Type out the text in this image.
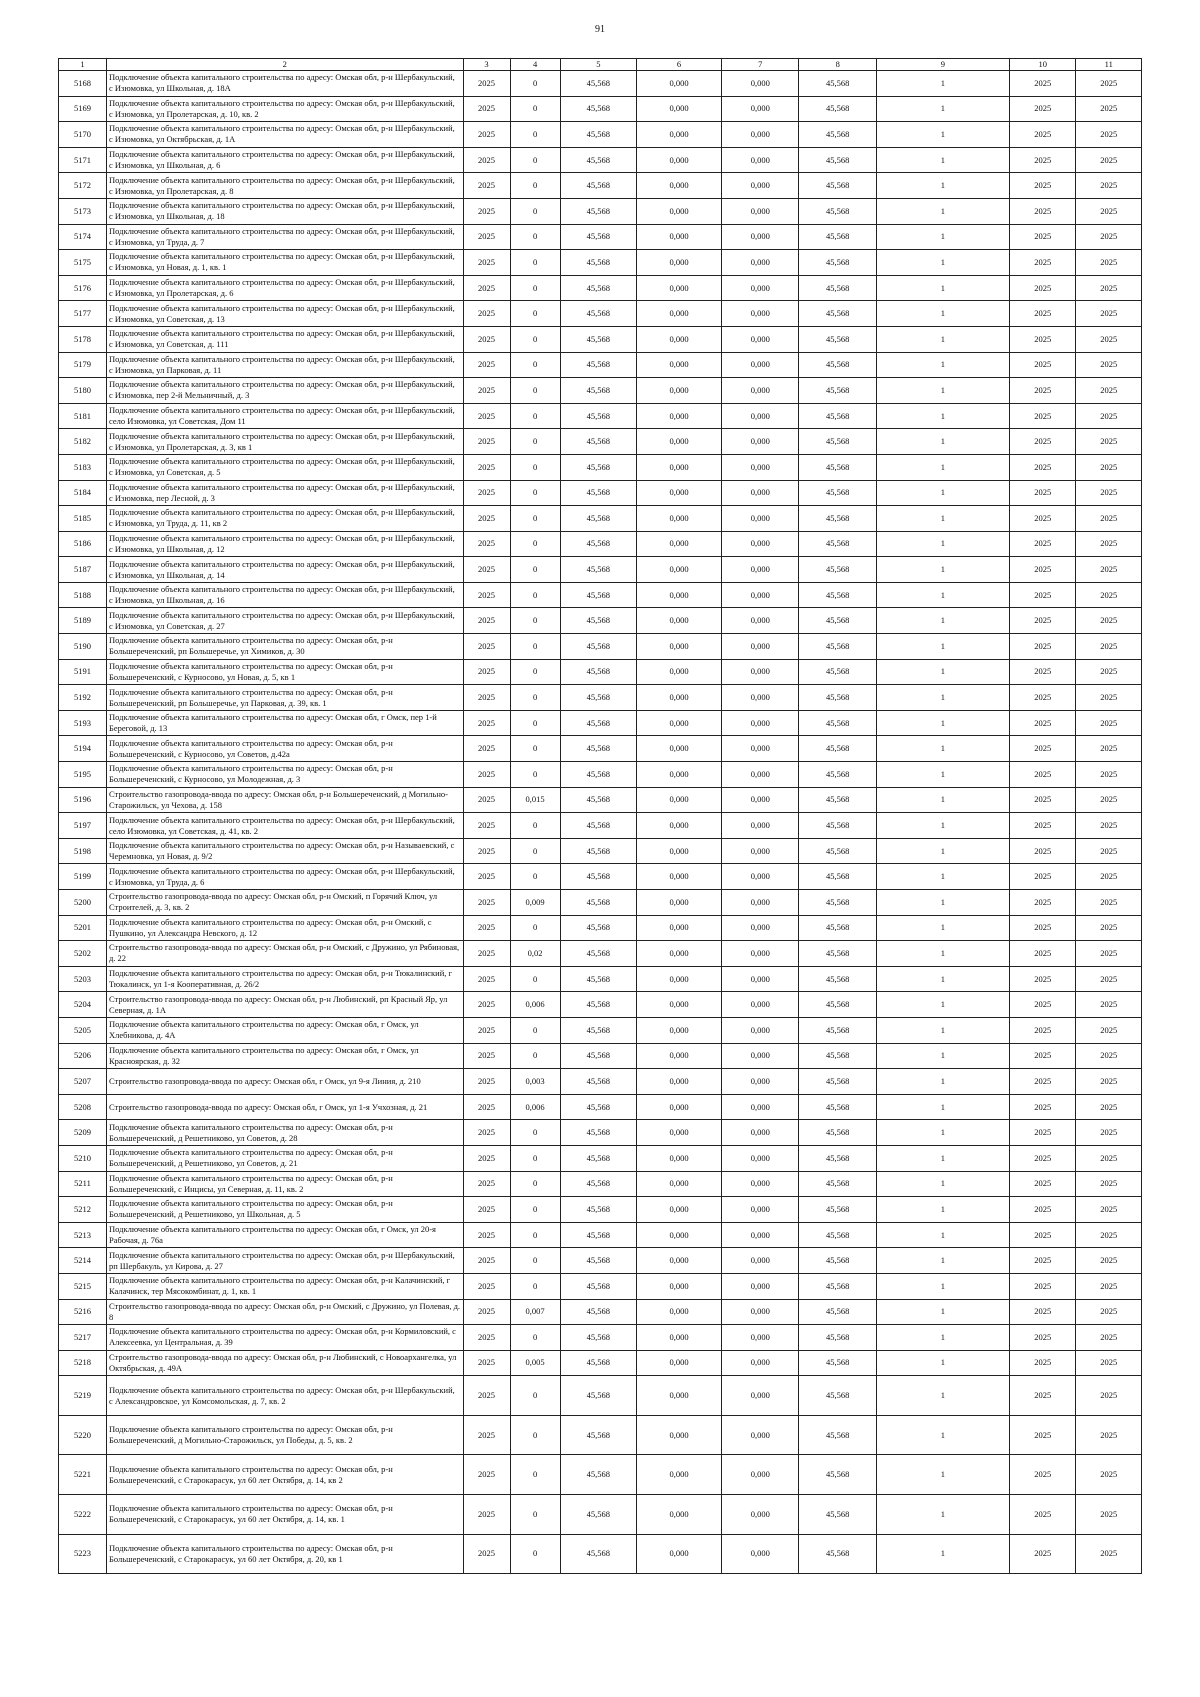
91
1	2	3	4	5	6	7	8	9	10	11
5168	Подключение объекта капитального строительства по адресу: Омская обл, р-н Шербакульский, с Изюмовка, ул Школьная, д. 18А	2025	0	45,568	0,000	0,000	45,568	1	2025	2025
5169	Подключение объекта капитального строительства по адресу: Омская обл, р-н Шербакульский, с Изюмовка, ул Пролетарская, д. 10, кв. 2	2025	0	45,568	0,000	0,000	45,568	1	2025	2025
5170	Подключение объекта капитального строительства по адресу: Омская обл, р-н Шербакульский, с Изюмовка, ул Октябрьская, д. 1А	2025	0	45,568	0,000	0,000	45,568	1	2025	2025
5171	Подключение объекта капитального строительства по адресу: Омская обл, р-н Шербакульский, с Изюмовка, ул Школьная, д. 6	2025	0	45,568	0,000	0,000	45,568	1	2025	2025
5172	Подключение объекта капитального строительства по адресу: Омская обл, р-н Шербакульский, с Изюмовка, ул Пролетарская, д. 8	2025	0	45,568	0,000	0,000	45,568	1	2025	2025
5173	Подключение объекта капитального строительства по адресу: Омская обл, р-н Шербакульский, с Изюмовка, ул Школьная, д. 18	2025	0	45,568	0,000	0,000	45,568	1	2025	2025
5174	Подключение объекта капитального строительства по адресу: Омская обл, р-н Шербакульский, с Изюмовка, ул Труда, д. 7	2025	0	45,568	0,000	0,000	45,568	1	2025	2025
5175	Подключение объекта капитального строительства по адресу: Омская обл, р-н Шербакульский, с Изюмовка, ул Новая, д. 1, кв. 1	2025	0	45,568	0,000	0,000	45,568	1	2025	2025
5176	Подключение объекта капитального строительства по адресу: Омская обл, р-н Шербакульский, с Изюмовка, ул Пролетарская, д. 6	2025	0	45,568	0,000	0,000	45,568	1	2025	2025
5177	Подключение объекта капитального строительства по адресу: Омская обл, р-н Шербакульский, с Изюмовка, ул Советская, д. 13	2025	0	45,568	0,000	0,000	45,568	1	2025	2025
5178	Подключение объекта капитального строительства по адресу: Омская обл, р-н Шербакульский, с Изюмовка, ул Советская, д. 111	2025	0	45,568	0,000	0,000	45,568	1	2025	2025
5179	Подключение объекта капитального строительства по адресу: Омская обл, р-н Шербакульский, с Изюмовка, ул Парковая, д. 11	2025	0	45,568	0,000	0,000	45,568	1	2025	2025
5180	Подключение объекта капитального строительства по адресу: Омская обл, р-н Шербакульский, с Изюмовка, пер 2-й Мельничный, д. 3	2025	0	45,568	0,000	0,000	45,568	1	2025	2025
5181	Подключение объекта капитального строительства по адресу: Омская обл, р-н Шербакульский, село Изюмовка, ул Советская, Дом 11	2025	0	45,568	0,000	0,000	45,568	1	2025	2025
5182	Подключение объекта капитального строительства по адресу: Омская обл, р-н Шербакульский, с Изюмовка, ул Пролетарская, д. 3, кв 1	2025	0	45,568	0,000	0,000	45,568	1	2025	2025
5183	Подключение объекта капитального строительства по адресу: Омская обл, р-н Шербакульский, с Изюмовка, ул Советская, д. 5	2025	0	45,568	0,000	0,000	45,568	1	2025	2025
5184	Подключение объекта капитального строительства по адресу: Омская обл, р-н Шербакульский, с Изюмовка, пер Лесной, д. 3	2025	0	45,568	0,000	0,000	45,568	1	2025	2025
5185	Подключение объекта капитального строительства по адресу: Омская обл, р-н Шербакульский, с Изюмовка, ул Труда, д. 11, кв 2	2025	0	45,568	0,000	0,000	45,568	1	2025	2025
5186	Подключение объекта капитального строительства по адресу: Омская обл, р-н Шербакульский, с Изюмовка, ул Школьная, д. 12	2025	0	45,568	0,000	0,000	45,568	1	2025	2025
5187	Подключение объекта капитального строительства по адресу: Омская обл, р-н Шербакульский, с Изюмовка, ул Школьная, д. 14	2025	0	45,568	0,000	0,000	45,568	1	2025	2025
5188	Подключение объекта капитального строительства по адресу: Омская обл, р-н Шербакульский, с Изюмовка, ул Школьная, д. 16	2025	0	45,568	0,000	0,000	45,568	1	2025	2025
5189	Подключение объекта капитального строительства по адресу: Омская обл, р-н Шербакульский, с Изюмовка, ул Советская, д. 27	2025	0	45,568	0,000	0,000	45,568	1	2025	2025
5190	Подключение объекта капитального строительства по адресу: Омская обл, р-н Большереченский, рп Большеречье, ул Химиков, д. 30	2025	0	45,568	0,000	0,000	45,568	1	2025	2025
5191	Подключение объекта капитального строительства по адресу: Омская обл, р-н Большереченский, с Курносово, ул Новая, д. 5, кв 1	2025	0	45,568	0,000	0,000	45,568	1	2025	2025
5192	Подключение объекта капитального строительства по адресу: Омская обл, р-н Большереченский, рп Большеречье, ул Парковая, д. 39, кв. 1	2025	0	45,568	0,000	0,000	45,568	1	2025	2025
5193	Подключение объекта капитального строительства по адресу: Омская обл, г Омск, пер 1-й Береговой, д. 13	2025	0	45,568	0,000	0,000	45,568	1	2025	2025
5194	Подключение объекта капитального строительства по адресу: Омская обл, р-н Большереченский, с Курносово, ул Советов, д.42а	2025	0	45,568	0,000	0,000	45,568	1	2025	2025
5195	Подключение объекта капитального строительства по адресу: Омская обл, р-н Большереченский, с Курносово, ул Молодежная, д. 3	2025	0	45,568	0,000	0,000	45,568	1	2025	2025
5196	Строительство газопровода-ввода по адресу: Омская обл, р-н Большереченский, д Могильно-Старожильск, ул Чехова, д. 158	2025	0,015	45,568	0,000	0,000	45,568	1	2025	2025
5197	Подключение объекта капитального строительства по адресу: Омская обл, р-н Шербакульский, село Изюмовка, ул Советская, д. 41, кв. 2	2025	0	45,568	0,000	0,000	45,568	1	2025	2025
5198	Подключение объекта капитального строительства по адресу: Омская обл, р-н Называевский, с Черемновка, ул Новая, д. 9/2	2025	0	45,568	0,000	0,000	45,568	1	2025	2025
5199	Подключение объекта капитального строительства по адресу: Омская обл, р-н Шербакульский, с Изюмовка, ул Труда, д. 6	2025	0	45,568	0,000	0,000	45,568	1	2025	2025
5200	Строительство газопровода-ввода по адресу: Омская обл, р-н Омский, п Горячий Ключ, ул Строителей, д. 3, кв. 2	2025	0,009	45,568	0,000	0,000	45,568	1	2025	2025
5201	Подключение объекта капитального строительства по адресу: Омская обл, р-н Омский, с Пушкино, ул Александра Невского, д. 12	2025	0	45,568	0,000	0,000	45,568	1	2025	2025
5202	Строительство газопровода-ввода по адресу: Омская обл, р-н Омский, с Дружино, ул Рябиновая, д. 22	2025	0,02	45,568	0,000	0,000	45,568	1	2025	2025
5203	Подключение объекта капитального строительства по адресу: Омская обл, р-н Тюкалинский, г Тюкалинск, ул 1-я Кооперативная, д. 26/2	2025	0	45,568	0,000	0,000	45,568	1	2025	2025
5204	Строительство газопровода-ввода по адресу: Омская обл, р-н Любинский, рп Красный Яр, ул Северная, д. 1А	2025	0,006	45,568	0,000	0,000	45,568	1	2025	2025
5205	Подключение объекта капитального строительства по адресу: Омская обл, г Омск, ул Хлебникова, д. 4А	2025	0	45,568	0,000	0,000	45,568	1	2025	2025
5206	Подключение объекта капитального строительства по адресу: Омская обл, г Омск, ул Красноярская, д. 32	2025	0	45,568	0,000	0,000	45,568	1	2025	2025
5207	Строительство газопровода-ввода по адресу: Омская обл, г Омск, ул 9-я Линия, д. 210	2025	0,003	45,568	0,000	0,000	45,568	1	2025	2025
5208	Строительство газопровода-ввода по адресу: Омская обл, г Омск, ул 1-я Учхозная, д. 21	2025	0,006	45,568	0,000	0,000	45,568	1	2025	2025
5209	Подключение объекта капитального строительства по адресу: Омская обл, р-н Большереченский, д Решетниково, ул Советов, д. 28	2025	0	45,568	0,000	0,000	45,568	1	2025	2025
5210	Подключение объекта капитального строительства по адресу: Омская обл, р-н Большереченский, д Решетниково, ул Советов, д. 21	2025	0	45,568	0,000	0,000	45,568	1	2025	2025
5211	Подключение объекта капитального строительства по адресу: Омская обл, р-н Большереченский, с Инцисы, ул Северная, д. 11, кв. 2	2025	0	45,568	0,000	0,000	45,568	1	2025	2025
5212	Подключение объекта капитального строительства по адресу: Омская обл, р-н Большереченский, д Решетниково, ул Школьная, д. 5	2025	0	45,568	0,000	0,000	45,568	1	2025	2025
5213	Подключение объекта капитального строительства по адресу: Омская обл, г Омск, ул 20-я Рабочая, д. 76а	2025	0	45,568	0,000	0,000	45,568	1	2025	2025
5214	Подключение объекта капитального строительства по адресу: Омская обл, р-н Шербакульский, рп Шербакуль, ул Кирова, д. 27	2025	0	45,568	0,000	0,000	45,568	1	2025	2025
5215	Подключение объекта капитального строительства по адресу: Омская обл, р-н Калачинский, г Калачинск, тер Мясокомбинат, д. 1, кв. 1	2025	0	45,568	0,000	0,000	45,568	1	2025	2025
5216	Строительство газопровода-ввода по адресу: Омская обл, р-н Омский, с Дружино, ул Полевая, д. 8	2025	0,007	45,568	0,000	0,000	45,568	1	2025	2025
5217	Подключение объекта капитального строительства по адресу: Омская обл, р-н Кормиловский, с Алексеевка, ул Центральная, д. 39	2025	0	45,568	0,000	0,000	45,568	1	2025	2025
5218	Строительство газопровода-ввода по адресу: Омская обл, р-н Любинский, с Новоархангелка, ул Октябрьская, д. 49А	2025	0,005	45,568	0,000	0,000	45,568	1	2025	2025
5219	Подключение объекта капитального строительства по адресу: Омская обл, р-н Шербакульский, с Александровское, ул Комсомольская, д. 7, кв. 2	2025	0	45,568	0,000	0,000	45,568	1	2025	2025
5220	Подключение объекта капитального строительства по адресу: Омская обл, р-н Большереченский, д Могильно-Старожильск, ул Победы, д. 5, кв. 2	2025	0	45,568	0,000	0,000	45,568	1	2025	2025
5221	Подключение объекта капитального строительства по адресу: Омская обл, р-н Большереченский, с Старокарасук, ул 60 лет Октября, д. 14, кв 2	2025	0	45,568	0,000	0,000	45,568	1	2025	2025
5222	Подключение объекта капитального строительства по адресу: Омская обл, р-н Большереченский, с Старокарасук, ул 60 лет Октября, д. 14, кв. 1	2025	0	45,568	0,000	0,000	45,568	1	2025	2025
5223	Подключение объекта капитального строительства по адресу: Омская обл, р-н Большереченский, с Старокарасук, ул 60 лет Октября, д. 20, кв 1	2025	0	45,568	0,000	0,000	45,568	1	2025	2025
